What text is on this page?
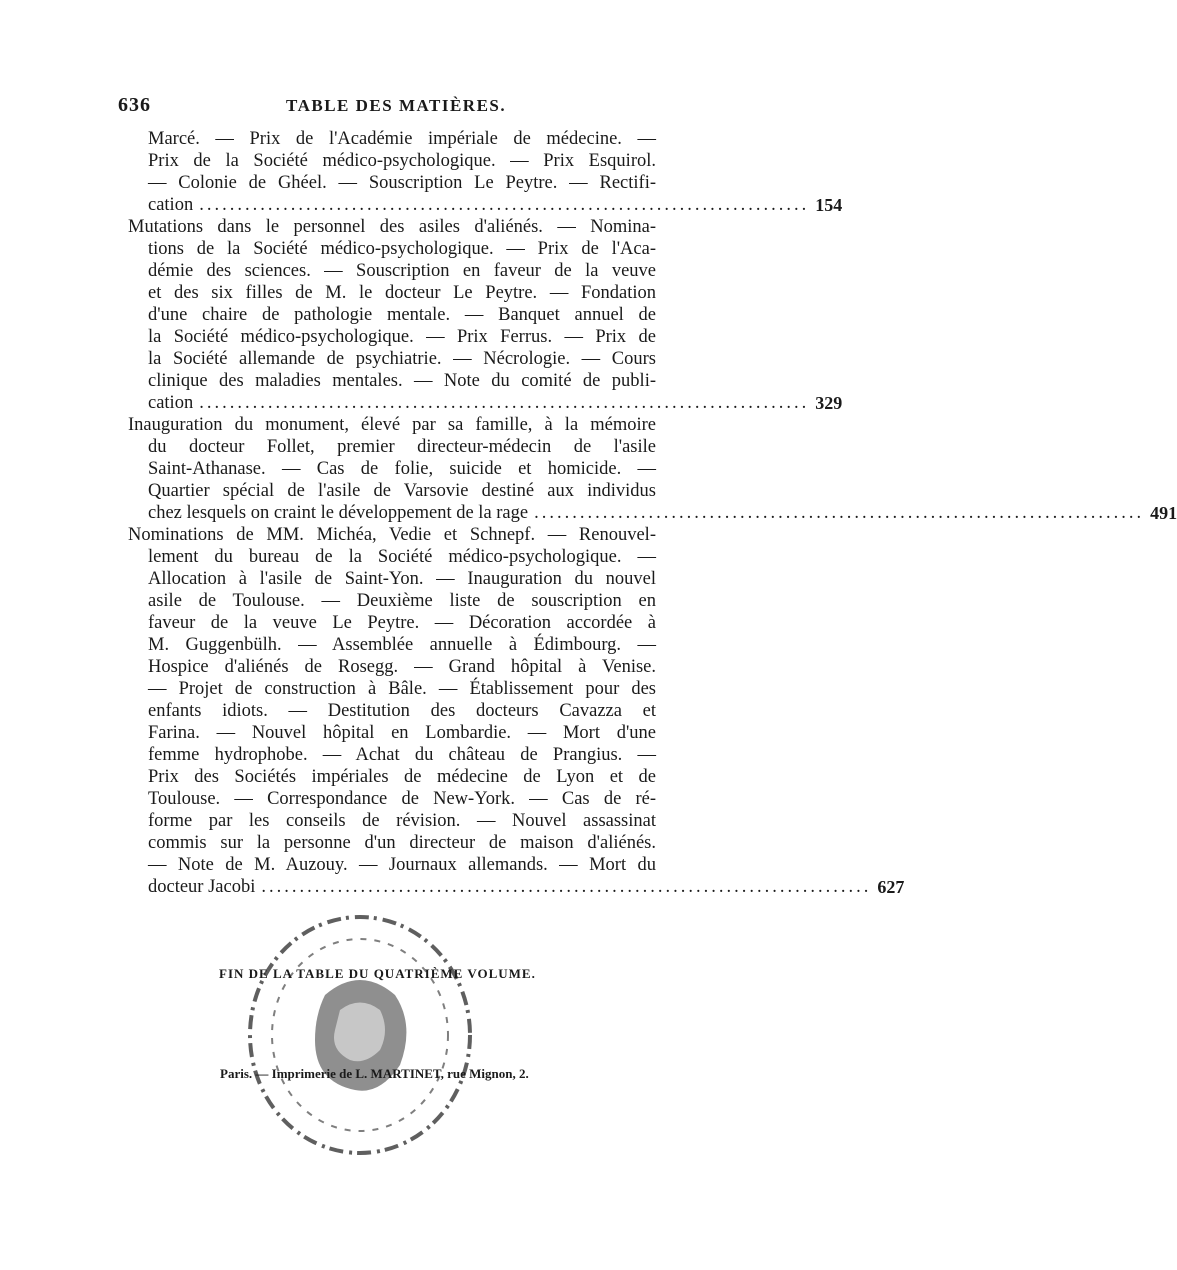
636	TABLE DES MATIÈRES.
Marcé. — Prix de l'Académie impériale de médecine. —
Prix de la Société médico-psychologique. — Prix Esquirol.
— Colonie de Ghéel. — Souscription Le Peytre. — Rectifi-
cation ................................................................................ 154
Mutations dans le personnel des asiles d'aliénés. — Nomina-
tions de la Société médico-psychologique. — Prix de l'Aca-
démie des sciences. — Souscription en faveur de la veuve
et des six filles de M. le docteur Le Peytre. — Fondation
d'une chaire de pathologie mentale. — Banquet annuel de
la Société médico-psychologique. — Prix Ferrus. — Prix de
la Société allemande de psychiatrie. — Nécrologie. — Cours
clinique des maladies mentales. — Note du comité de publi-
cation ................................................................................ 329
Inauguration du monument, élevé par sa famille, à la mémoire
du docteur Follet, premier directeur-médecin de l'asile
Saint-Athanase. — Cas de folie, suicide et homicide. —
Quartier spécial de l'asile de Varsovie destiné aux individus
chez lesquels on craint le développement de la rage ................................................................................ 491
Nominations de MM. Michéa, Vedie et Schnepf. — Renouvel-
lement du bureau de la Société médico-psychologique. —
Allocation à l'asile de Saint-Yon. — Inauguration du nouvel
asile de Toulouse. — Deuxième liste de souscription en
faveur de la veuve Le Peytre. — Décoration accordée à
M. Guggenbülh. — Assemblée annuelle à Édimbourg. —
Hospice d'aliénés de Rosegg. — Grand hôpital à Venise.
— Projet de construction à Bâle. — Établissement pour des
enfants idiots. — Destitution des docteurs Cavazza et
Farina. — Nouvel hôpital en Lombardie. — Mort d'une
femme hydrophobe. — Achat du château de Prangius. —
Prix des Sociétés impériales de médecine de Lyon et de
Toulouse. — Correspondance de New-York. — Cas de ré-
forme par les conseils de révision. — Nouvel assassinat
commis sur la personne d'un directeur de maison d'aliénés.
— Note de M. Auzouy. — Journaux allemands. — Mort du
docteur Jacobi ................................................................................ 627
FIN DE LA TABLE DU QUATRIÈME VOLUME.
Paris. — Imprimerie de L. MARTINET, rue Mignon, 2.
